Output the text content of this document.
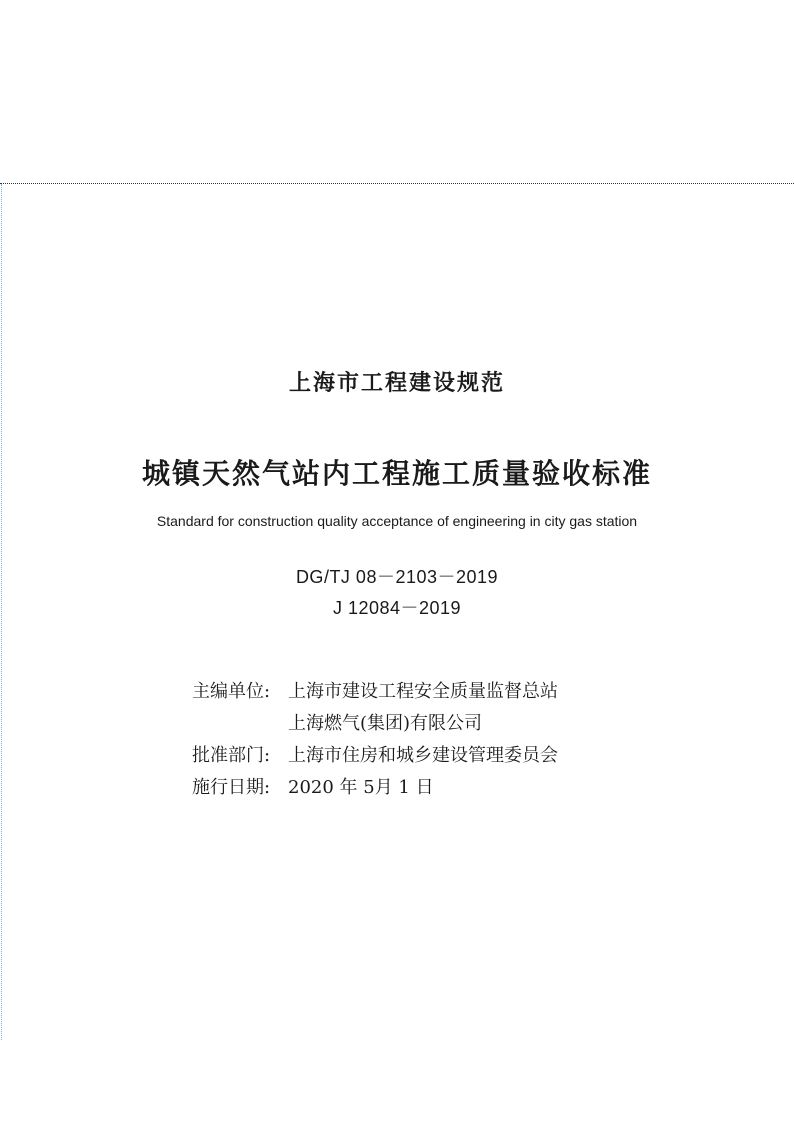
上海市工程建设规范
城镇天然气站内工程施工质量验收标准
Standard for construction quality acceptance of engineering in city gas station
DG/TJ 08－2103－2019
J 12084－2019
主编单位: 上海市建设工程安全质量监督总站
上海燃气(集团)有限公司
批准部门: 上海市住房和城乡建设管理委员会
施行日期: 2020 年 5月 1 日
